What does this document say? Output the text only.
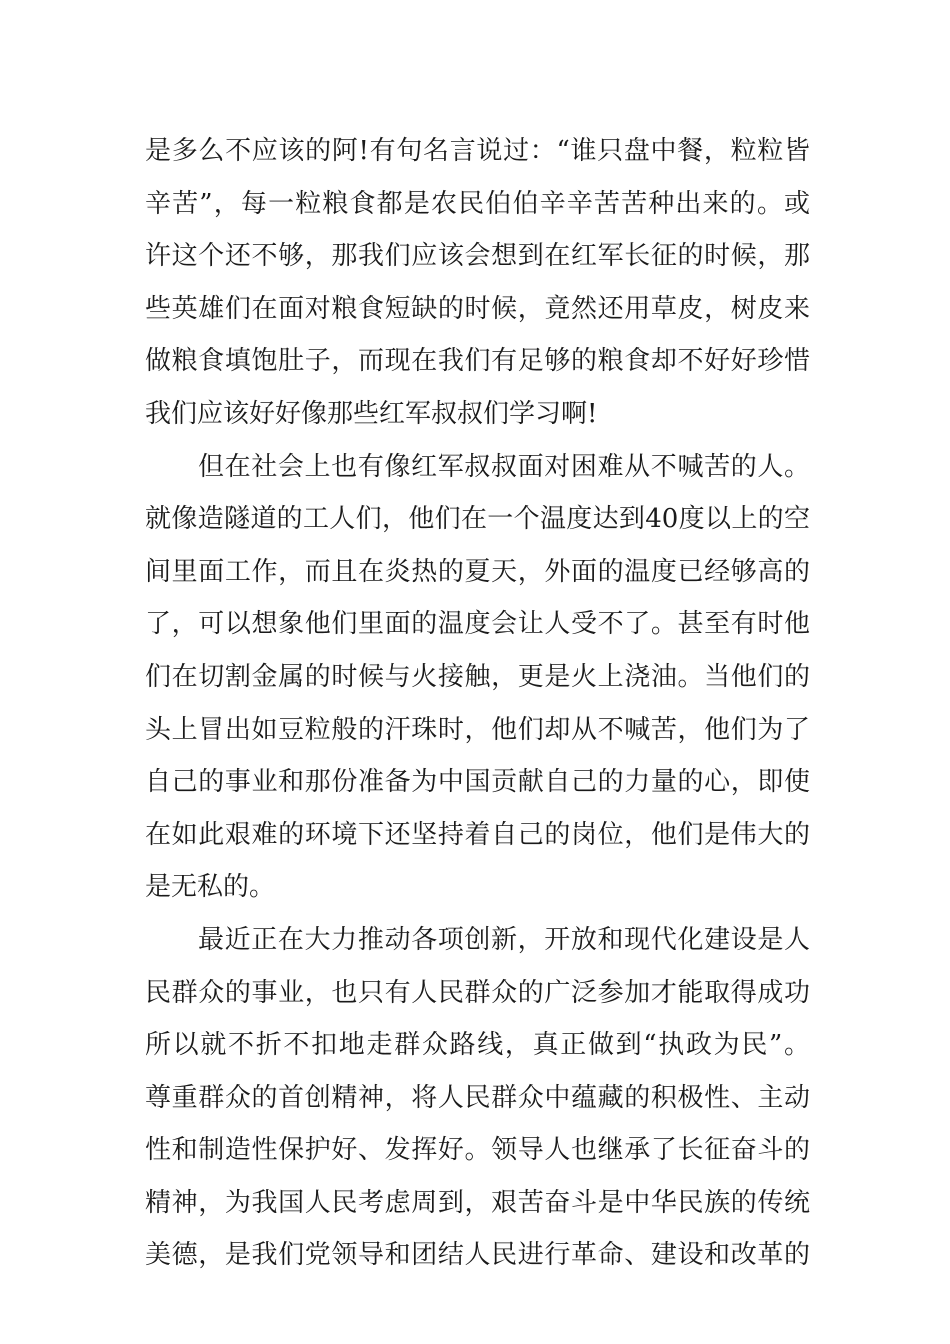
是多么不应该的阿!有句名言说过：“谁只盘中餐，粒粒皆
辛苦”，每一粒粮食都是农民伯伯辛辛苦苦种出来的。或
许这个还不够，那我们应该会想到在红军长征的时候，那
些英雄们在面对粮食短缺的时候，竟然还用草皮，树皮来
做粮食填饱肚子，而现在我们有足够的粮食却不好好珍惜
我们应该好好像那些红军叔叔们学习啊!
但在社会上也有像红军叔叔面对困难从不喊苦的人。
就像造隧道的工人们，他们在一个温度达到40度以上的空
间里面工作，而且在炎热的夏天，外面的温度已经够高的
了，可以想象他们里面的温度会让人受不了。甚至有时他
们在切割金属的时候与火接触，更是火上浇油。当他们的
头上冒出如豆粒般的汗珠时，他们却从不喊苦，他们为了
自己的事业和那份准备为中国贡献自己的力量的心，即使
在如此艰难的环境下还坚持着自己的岗位，他们是伟大的
是无私的。
最近正在大力推动各项创新，开放和现代化建设是人
民群众的事业，也只有人民群众的广泛参加才能取得成功
所以就不折不扣地走群众路线，真正做到“执政为民”。
尊重群众的首创精神，将人民群众中蕴藏的积极性、主动
性和制造性保护好、发挥好。领导人也继承了长征奋斗的
精神，为我国人民考虑周到，艰苦奋斗是中华民族的传统
美德，是我们党领导和团结人民进行革命、建设和改革的
